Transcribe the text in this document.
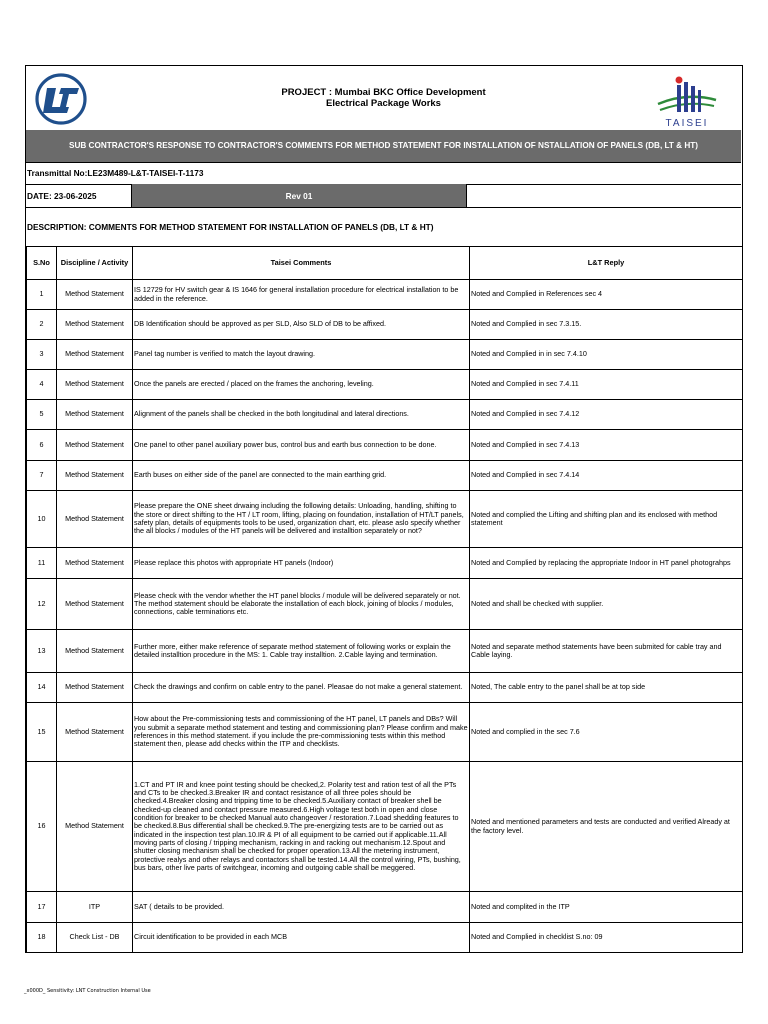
PROJECT : Mumbai BKC Office Development
Electrical Package Works
TAISEI
SUB CONTRACTOR'S RESPONSE TO CONTRACTOR'S COMMENTS FOR METHOD STATEMENT FOR INSTALLATION OF NSTALLATION OF PANELS (DB, LT & HT)
Transmittal No:LE23M489-L&T-TAISEI-T-1173
DATE: 23-06-2025	Rev 01
DESCRIPTION: COMMENTS FOR METHOD STATEMENT FOR INSTALLATION OF PANELS (DB, LT & HT)
S.No	Discipline / Activity	Taisei Comments	L&T Reply
1	Method Statement	IS 12729 for HV switch gear & IS 1646 for general installation procedure for electrical installation to be added in the reference.	Noted and Complied in References sec 4
2	Method Statement	DB Identification should be approved as per SLD, Also SLD of DB to be affixed.	Noted and Complied in sec 7.3.15.
3	Method Statement	Panel tag number is verified to match the layout drawing.	Noted and Complied in in sec 7.4.10
4	Method Statement	Once the panels are erected / placed on the frames the anchoring, leveling.	Noted and Complied in sec 7.4.11
5	Method Statement	Alignment of the panels shall be checked in the both longitudinal and lateral directions.	Noted and Complied in sec 7.4.12
6	Method Statement	One panel to other panel auxiliary power bus, control bus and earth bus connection to be done.	Noted and Complied in sec 7.4.13
7	Method Statement	Earth buses on either side of the panel are connected to the main earthing grid.	Noted and Complied in sec 7.4.14
10	Method Statement	Please prepare the ONE sheet drwaing including the following details: Unloading, handling, shifting to the store or direct shifting to the HT / LT room, lifting, placing on foundation, installation of HT/LT panels, safety plan, details of equipments tools to be used, organization chart, etc. please aslo specify whether the all blocks / modules of the HT panels will be delivered and installtion separately or not?	Noted and complied the Lifting and shifting plan and its enclosed with method statement
11	Method Statement	Please replace this photos with appropriate HT panels (Indoor)	Noted and Complied by replacing the appropriate Indoor in HT panel photograhps
12	Method Statement	Please check with the vendor whether the HT panel blocks / module will be delivered separately or not. The method statement should be elaborate the installation of each block, joining of blocks / modules, connections, cable terminations etc.	Noted and shall be checked with supplier.
13	Method Statement	Further more, either make reference of separate method statement of following works or explain the detailed installtion procedure in the MS: 1. Cable tray installtion. 2.Cable laying and termination.	Noted and separate method statements have been submited for cable tray and Cable laying.
14	Method Statement	Check the drawings and confirm on cable entry to the panel. Pleasae do not make a general statement.	Noted, The cable entry to the panel shall be at top side
15	Method Statement	How about the Pre-commissioning tests and commissioning of the HT panel, LT panels and DBs? Will you submit a separate method statement and testing and commissioning plan? Please confirm and make references in this method statement. if you include the pre-commissioning tests within this method statement then, please add checks within the ITP and checklists.	Noted and complied in the sec 7.6
16	Method Statement	1.CT and PT IR and knee point testing should be checked,2. Polarity test and ration test of all the PTs and CTs to be checked.3.Breaker IR and contact resistance of all three poles should be checked.4.Breaker closing and tripping time to be checked.5.Auxiliary contact of breaker shell be checked-up cleaned and contact pressure measured.6.High voltage test both in open and close condition for breaker to be checked Manual auto changeover / restoration.7.Load shedding features to be checked.8.Bus differential shall be checked.9.The pre-energizing tests are to be carried out as indicated in the inspection test plan.10.IR & PI of all equipment to be carried out if applicable.11.All moving parts of closing / tripping mechanism, racking in and racking out mechanism.12.Spout and shutter closing mechanism shall be checked for proper operation.13.All the metering instrument, protective realys and other relays and contactors shall be tested.14.All the control wiring, PTs, bushing, bus bars, other live parts of switchgear, incoming and outgoing cable shall be meggered.	Noted and mentioned parameters and tests are conducted and verified Already at the factory level.
17	ITP	SAT ( details to be provided.	Noted and complited in the ITP
18	Check List - DB	Circuit identification to be provided in each MCB	Noted and Complied in checklist S.no: 09
_x000D_ Sensitivity: LNT Construction Internal Use
